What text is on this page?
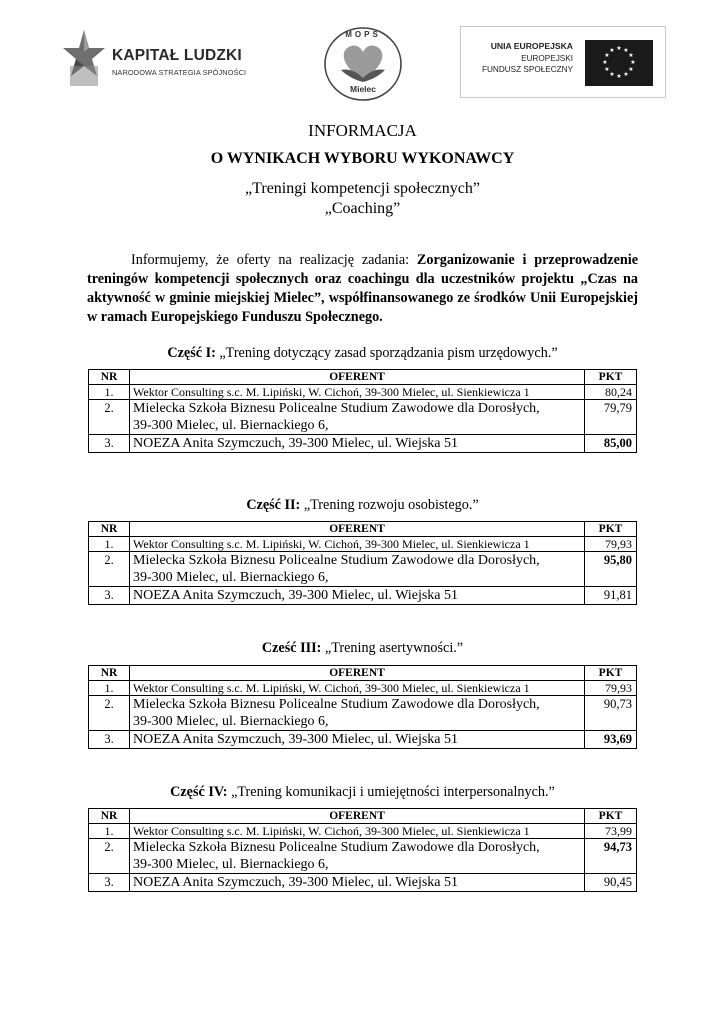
KAPITAŁ LUDZKI
NARODOWA STRATEGIA SPÓJNOŚCI
MOPS
Mielec
UNIA EUROPEJSKA
EUROPEJSKI
FUNDUSZ SPOŁECZNY
★ ★
★
★
★
★
★
★
★
★
★
★
INFORMACJA
O WYNIKACH WYBORU WYKONAWCY
„Treningi kompetencji społecznych”
„Coaching”
Informujemy, że oferty na realizację zadania: Zorganizowanie i przeprowadzenie treningów kompetencji społecznych oraz coachingu dla uczestników projektu „Czas na aktywność w gminie miejskiej Mielec”, współfinansowanego ze środków Unii Europejskiej w ramach Europejskiego Funduszu Społecznego.
Część I: „Trening dotyczący zasad sporządzania pism urzędowych.”
NR	OFERENT	PKT
1.	Wektor Consulting s.c. M. Lipiński, W. Cichoń, 39-300 Mielec, ul. Sienkiewicza 1	80,24
2.	Mielecka Szkoła Biznesu Policealne Studium Zawodowe dla Dorosłych,
39-300 Mielec, ul. Biernackiego 6,	79,79
3.	NOEZA Anita Szymczuch, 39-300 Mielec, ul. Wiejska 51	85,00
Część II: „Trening rozwoju osobistego.”
NR	OFERENT	PKT
1.	Wektor Consulting s.c. M. Lipiński, W. Cichoń, 39-300 Mielec, ul. Sienkiewicza 1	79,93
2.	Mielecka Szkoła Biznesu Policealne Studium Zawodowe dla Dorosłych,
39-300 Mielec, ul. Biernackiego 6,	95,80
3.	NOEZA Anita Szymczuch, 39-300 Mielec, ul. Wiejska 51	91,81
Cześć III: „Trening asertywności.”
NR	OFERENT	PKT
1.	Wektor Consulting s.c. M. Lipiński, W. Cichoń, 39-300 Mielec, ul. Sienkiewicza 1	79,93
2.	Mielecka Szkoła Biznesu Policealne Studium Zawodowe dla Dorosłych,
39-300 Mielec, ul. Biernackiego 6,	90,73
3.	NOEZA Anita Szymczuch, 39-300 Mielec, ul. Wiejska 51	93,69
Część IV: „Trening komunikacji i umiejętności interpersonalnych.”
NR	OFERENT	PKT
1.	Wektor Consulting s.c. M. Lipiński, W. Cichoń, 39-300 Mielec, ul. Sienkiewicza 1	73,99
2.	Mielecka Szkoła Biznesu Policealne Studium Zawodowe dla Dorosłych,
39-300 Mielec, ul. Biernackiego 6,	94,73
3.	NOEZA Anita Szymczuch, 39-300 Mielec, ul. Wiejska 51	90,45
